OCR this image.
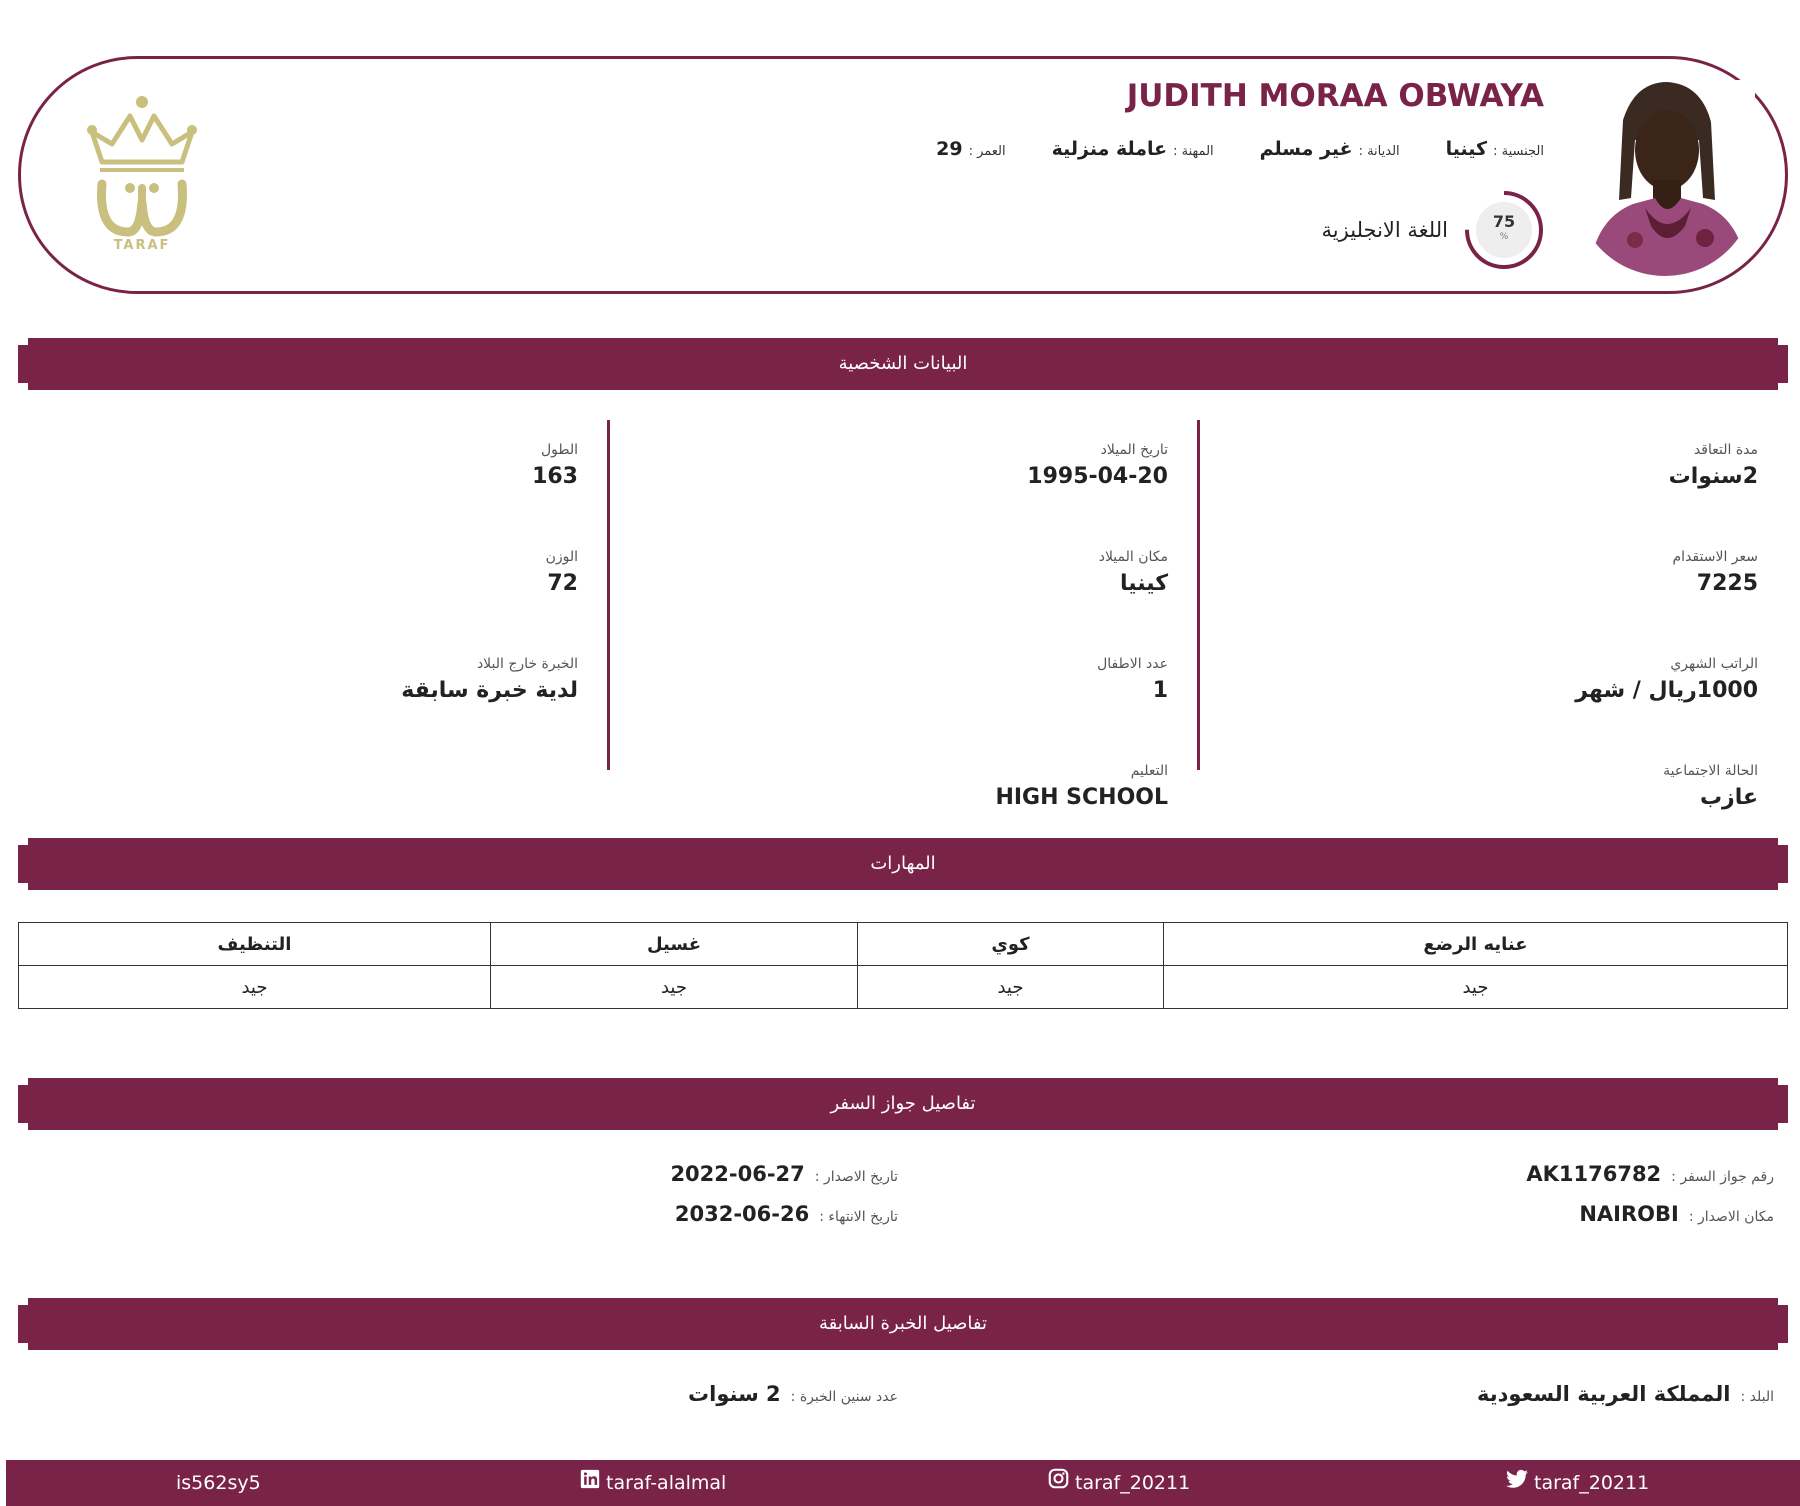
TARAF
JUDITH MORAA OBWAYA
الجنسية :
كينيا
الديانة :
غير مسلم
المهنة :
عاملة منزلية
العمر :
29
75
%
اللغة الانجليزية
البيانات الشخصية
مدة التعاقد
2سنوات
سعر الاستقدام
7225
الراتب الشهري
1000ريال / شهر
الحالة الاجتماعية
عازب
تاريخ الميلاد
1995-04-20
مكان الميلاد
كينيا
عدد الاطفال
1
التعليم
HIGH SCHOOL
الطول
163
الوزن
72
الخبرة خارج البلاد
لدية خبرة سابقة
المهارات
عنايه الرضع	كوي	غسيل	التنظيف
جيد	جيد	جيد	جيد
تفاصيل جواز السفر
رقم جواز السفر :
AK1176782
مكان الاصدار :
NAIROBI
تاريخ الاصدار :
2022-06-27
تاريخ الانتهاء :
2032-06-26
تفاصيل الخبرة السابقة
البلد :
المملكة العربية السعودية
عدد سنين الخبرة :
2 سنوات
taraf_20211
taraf_20211
taraf-alalmal
is562sy5
